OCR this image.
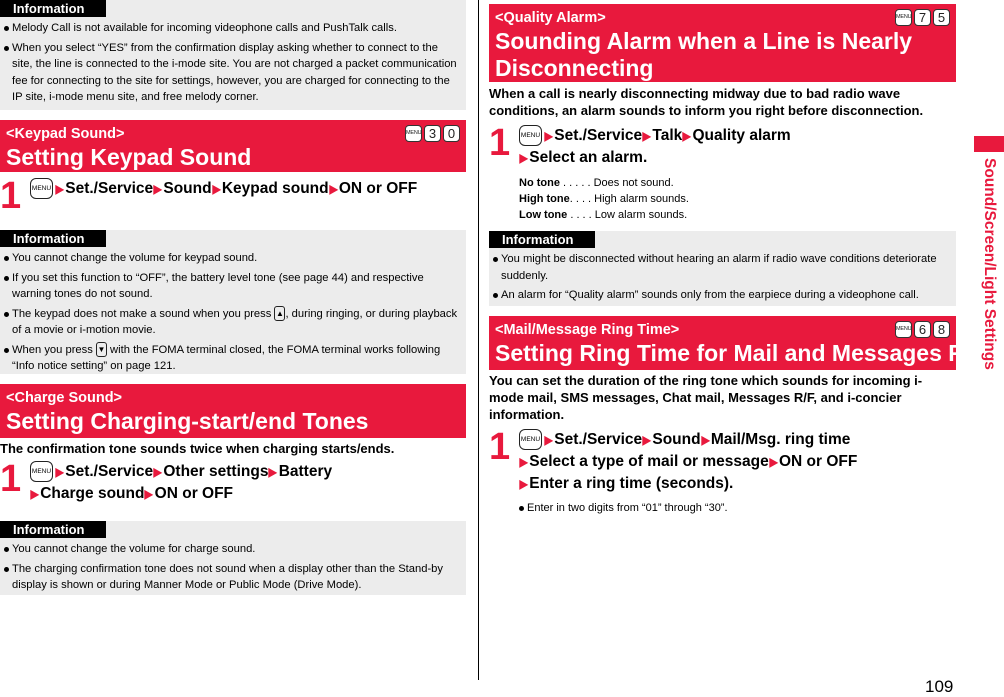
Information
Melody Call is not available for incoming videophone calls and PushTalk calls.
When you select “YES” from the confirmation display asking whether to connect to the site, the line is connected to the i-mode site. You are not charged a packet communication fee for connecting to the site for settings, however, you are charged for connecting to the IP site, i-mode menu site, and free melody corner.
<Keypad Sound>
Setting Keypad Sound
MENU 3 0
1 MENU ▶Set./Service▶Sound▶Keypad sound▶ON or OFF
Information
You cannot change the volume for keypad sound.
If you set this function to “OFF”, the battery level tone (see page 44) and respective warning tones do not sound.
The keypad does not make a sound when you press ▲ , during ringing, or during playback of a movie or i-motion movie.
When you press ▼ with the FOMA terminal closed, the FOMA terminal works following “Info notice setting” on page 121.
<Charge Sound>
Setting Charging-start/end Tones
The confirmation tone sounds twice when charging starts/ends.
1 MENU ▶Set./Service▶Other settings▶Battery
▶Charge sound▶ON or OFF
Information
You cannot change the volume for charge sound.
The charging confirmation tone does not sound when a display other than the Stand-by display is shown or during Manner Mode or Public Mode (Drive Mode).
<Quality Alarm>
Sounding Alarm when a Line is Nearly Disconnecting
MENU 7 5
When a call is nearly disconnecting midway due to bad radio wave conditions, an alarm sounds to inform you right before disconnection.
1 MENU ▶Set./Service▶Talk▶Quality alarm
▶Select an alarm.
No tone . . . . . Does not sound.
High tone. . . . High alarm sounds.
Low tone . . . . Low alarm sounds.
Information
You might be disconnected without hearing an alarm if radio wave conditions deteriorate suddenly.
An alarm for “Quality alarm” sounds only from the earpiece during a videophone call.
<Mail/Message Ring Time>
Setting Ring Time for Mail and Messages R/F
MENU 6 8
You can set the duration of the ring tone which sounds for incoming i-mode mail, SMS messages, Chat mail, Messages R/F, and i-concier information.
1 MENU ▶Set./Service▶Sound▶Mail/Msg. ring time
▶Select a type of mail or message▶ON or OFF
▶Enter a ring time (seconds).
Enter in two digits from “01” through “30”.
Sound/Screen/Light Settings
109
